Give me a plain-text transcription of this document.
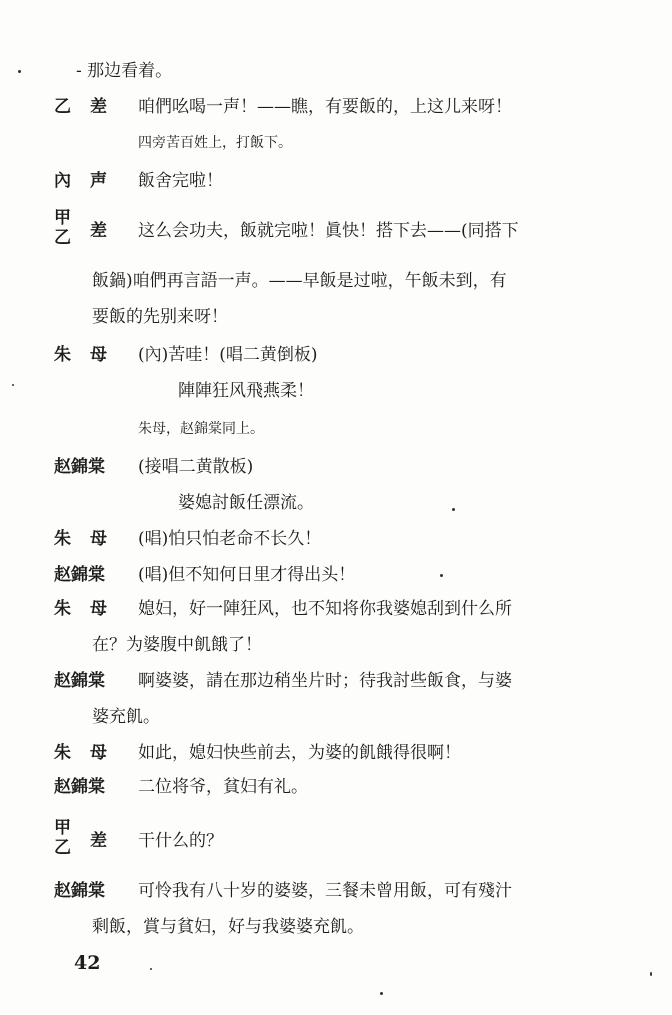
- 那边看着。
乙 差 咱們吆喝一声！——瞧，有要飯的，上这儿来呀！
四旁苦百姓上，打飯下。
內 声 飯舍完啦！
甲
乙 差 这么会功夫，飯就完啦！眞快！搭下去——(同搭下
飯鍋)咱們再言語一声。——早飯是过啦，午飯未到，有
要飯的先别来呀！
朱 母 (內)苦哇！(唱二黄倒板)
陣陣狂风飛燕柔！
朱母，赵錦棠同上。
赵錦棠 (接唱二黄散板)
婆媳討飯任漂流。
朱 母 (唱)怕只怕老命不长久！
赵錦棠 (唱)但不知何日里才得出头！
朱 母 媳妇，好一陣狂风，也不知将你我婆媳刮到什么所
在？为婆腹中飢餓了！
赵錦棠 啊婆婆，請在那边稍坐片时；待我討些飯食，与婆
婆充飢。
朱 母 如此，媳妇快些前去，为婆的飢餓得很啊！
赵錦棠 二位将爷，貧妇有礼。
甲
乙 差 干什么的？
赵錦棠 可怜我有八十岁的婆婆，三餐未曾用飯，可有殘汁
剩飯，賞与貧妇，好与我婆婆充飢。
42
